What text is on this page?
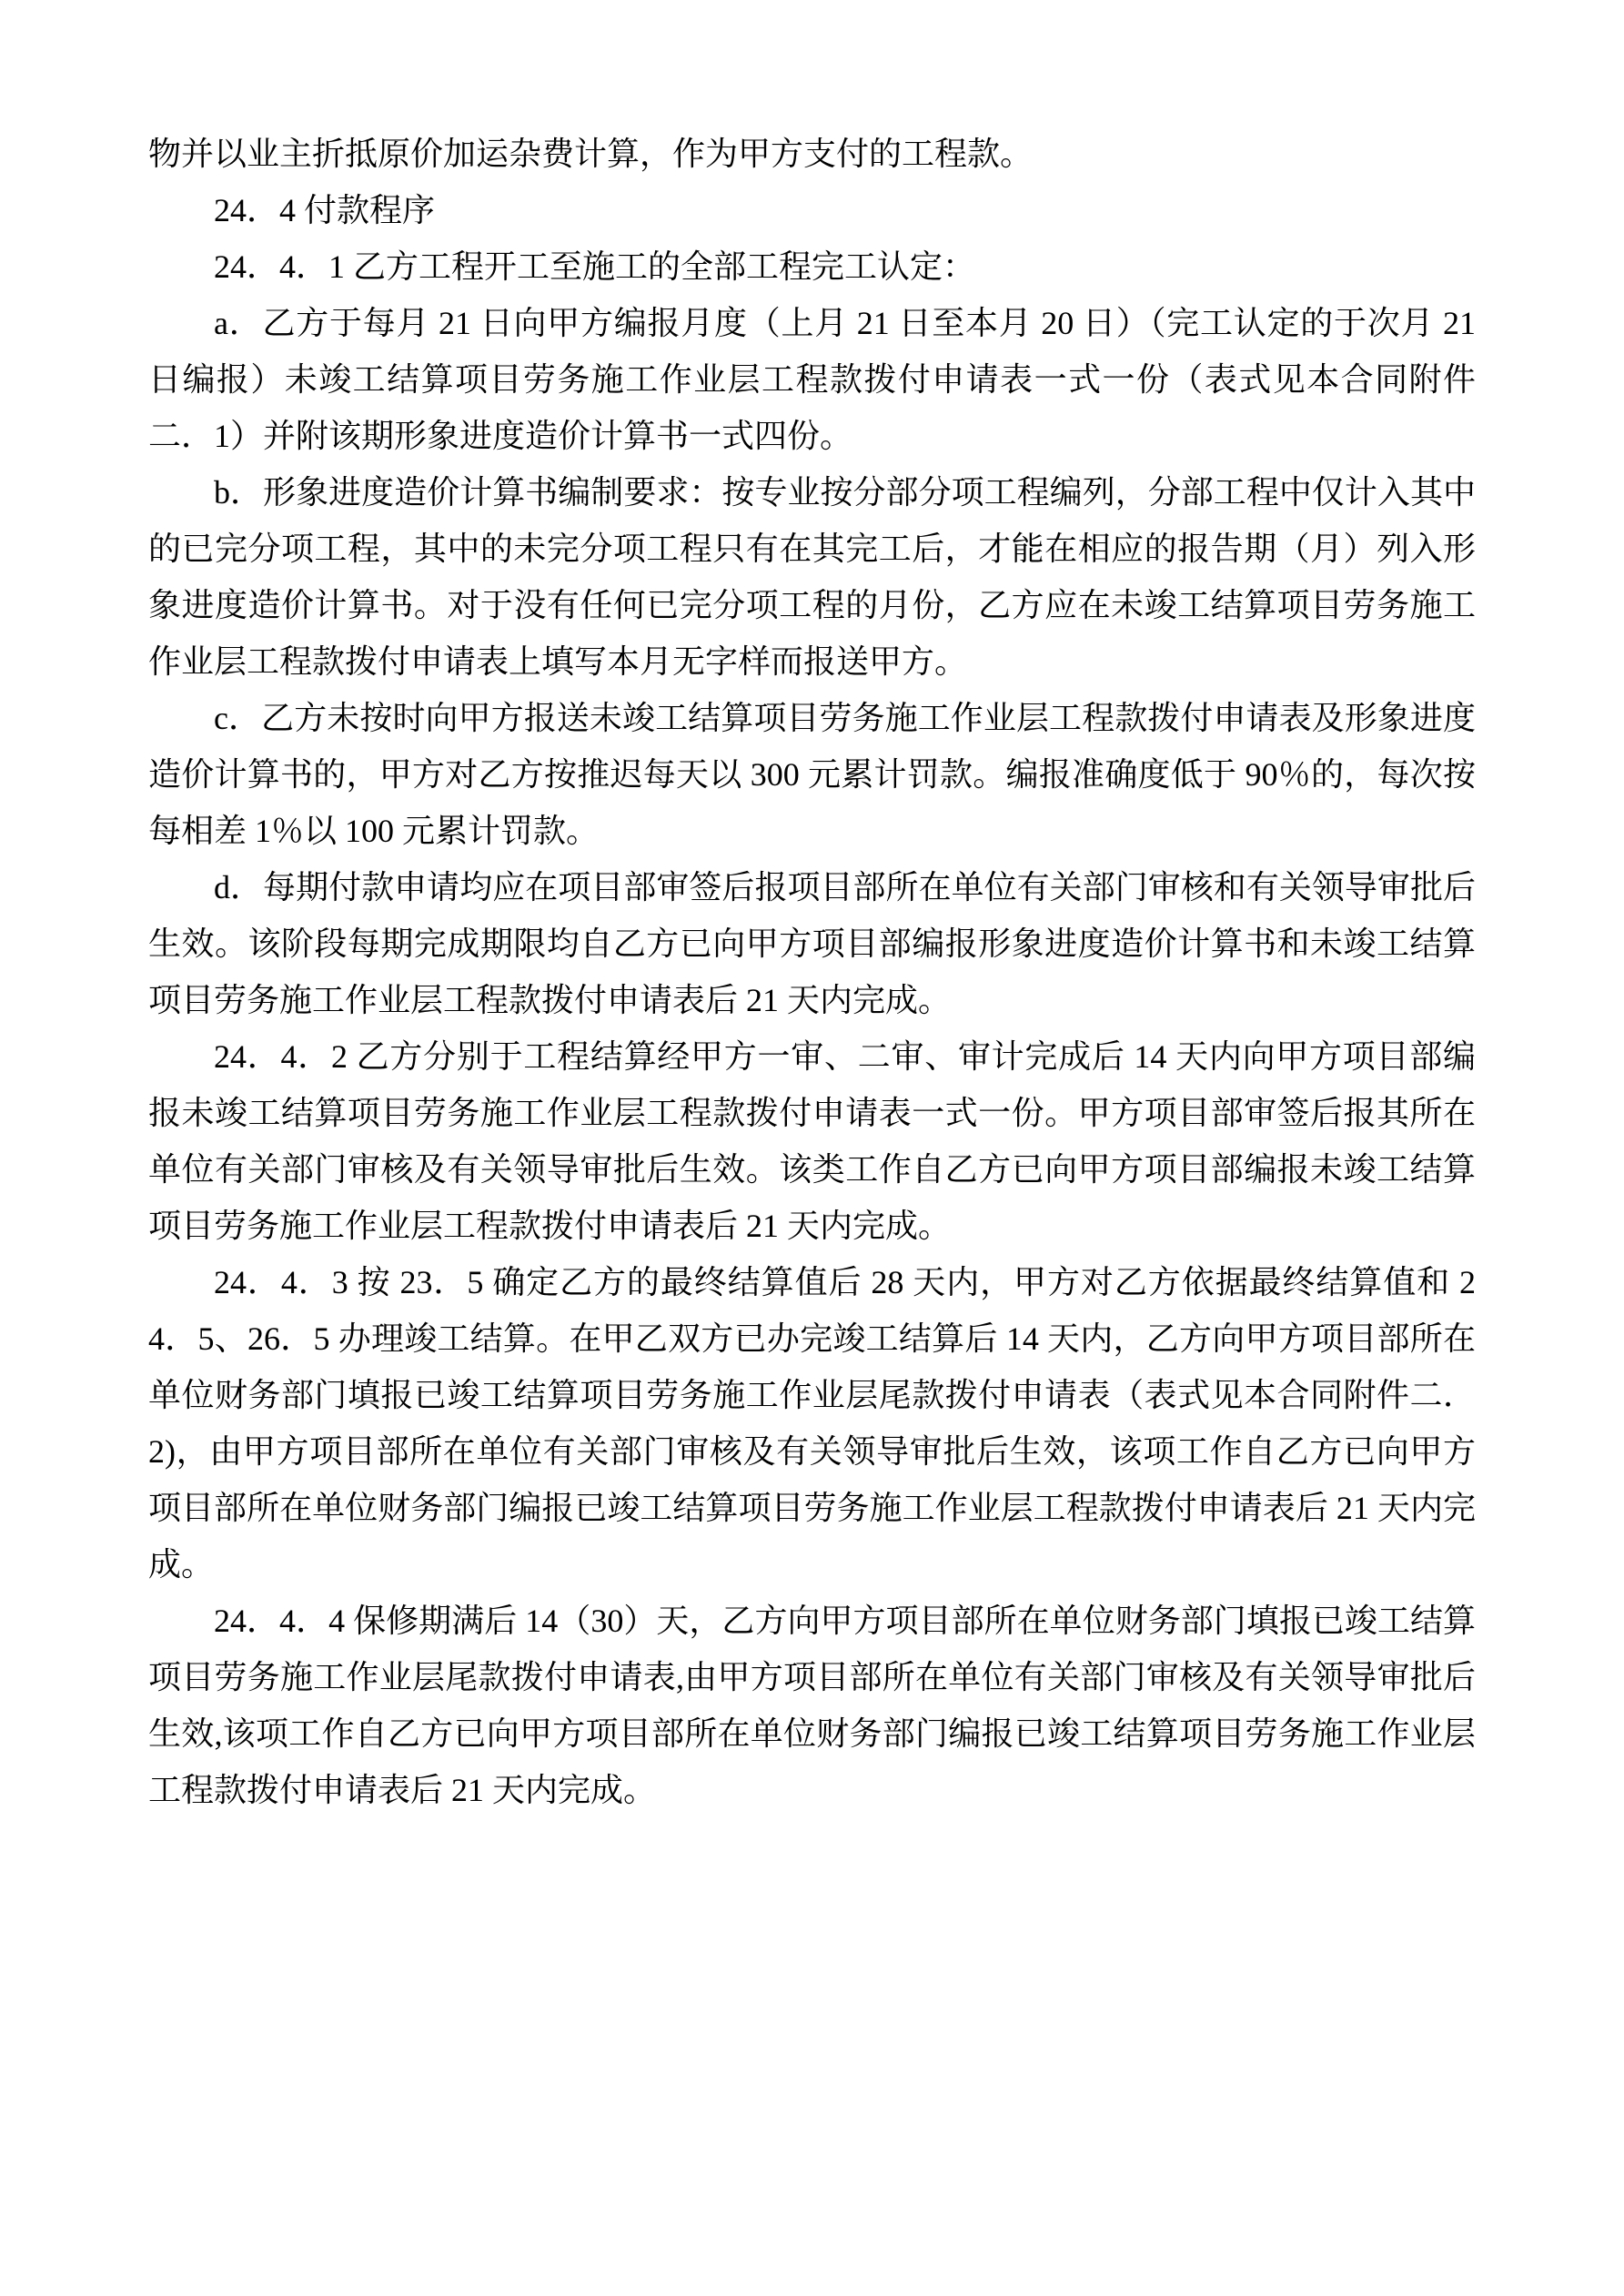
物并以业主折抵原价加运杂费计算，作为甲方支付的工程款。

24．4 付款程序

24．4．1 乙方工程开工至施工的全部工程完工认定：

a．乙方于每月 21 日向甲方编报月度（上月 21 日至本月 20 日）（完工认定的于次月 21 日编报）未竣工结算项目劳务施工作业层工程款拨付申请表一式一份（表式见本合同附件二．1）并附该期形象进度造价计算书一式四份。

b．形象进度造价计算书编制要求：按专业按分部分项工程编列，分部工程中仅计入其中的已完分项工程，其中的未完分项工程只有在其完工后，才能在相应的报告期（月）列入形象进度造价计算书。对于没有任何已完分项工程的月份，乙方应在未竣工结算项目劳务施工作业层工程款拨付申请表上填写本月无字样而报送甲方。

c．乙方未按时向甲方报送未竣工结算项目劳务施工作业层工程款拨付申请表及形象进度造价计算书的，甲方对乙方按推迟每天以 300 元累计罚款。编报准确度低于 90％的，每次按每相差 1％以 100 元累计罚款。

d．每期付款申请均应在项目部审签后报项目部所在单位有关部门审核和有关领导审批后生效。该阶段每期完成期限均自乙方已向甲方项目部编报形象进度造价计算书和未竣工结算项目劳务施工作业层工程款拨付申请表后 21 天内完成。

24．4．2 乙方分别于工程结算经甲方一审、二审、审计完成后 14 天内向甲方项目部编报未竣工结算项目劳务施工作业层工程款拨付申请表一式一份。甲方项目部审签后报其所在单位有关部门审核及有关领导审批后生效。该类工作自乙方已向甲方项目部编报未竣工结算项目劳务施工作业层工程款拨付申请表后 21 天内完成。

24．4．3 按 23．5 确定乙方的最终结算值后 28 天内，甲方对乙方依据最终结算值和 24．5、26．5 办理竣工结算。在甲乙双方已办完竣工结算后 14 天内，乙方向甲方项目部所在单位财务部门填报已竣工结算项目劳务施工作业层尾款拨付申请表（表式见本合同附件二．2)，由甲方项目部所在单位有关部门审核及有关领导审批后生效，该项工作自乙方已向甲方项目部所在单位财务部门编报已竣工结算项目劳务施工作业层工程款拨付申请表后 21 天内完成。

24．4．4 保修期满后 14（30）天，乙方向甲方项目部所在单位财务部门填报已竣工结算项目劳务施工作业层尾款拨付申请表,由甲方项目部所在单位有关部门审核及有关领导审批后生效,该项工作自乙方已向甲方项目部所在单位财务部门编报已竣工结算项目劳务施工作业层工程款拨付申请表后 21 天内完成。
